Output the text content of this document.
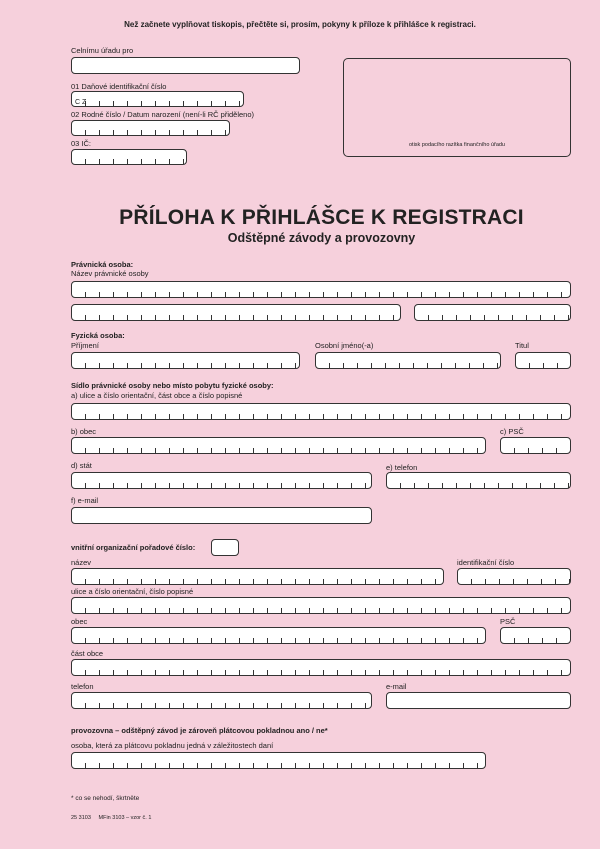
Než začnete vyplňovat tiskopis, přečtěte si, prosím, pokyny k příloze k přihlášce k registraci.
Celnímu úřadu pro
01 Daňové identifikační číslo
C Z
02 Rodné číslo / Datum narození (není-li RČ přiděleno)
03 IČ:	otisk podacího razítka finančního úřadu
PŘÍLOHA K PŘIHLÁŠCE K REGISTRACI
Odštěpné závody a provozovny
Právnická osoba:
Název právnické osoby
Fyzická osoba:
Příjmení	Osobní jméno(-a)	Titul
Sídlo právnické osoby nebo místo pobytu fyzické osoby:
a) ulice a číslo orientační, část obce a číslo popisné
b) obec	c) PSČ
d) stát	e) telefon
f) e-mail
vnitřní organizační pořadové číslo:
název	identifikační číslo
ulice a číslo orientační, číslo popisné
obec	PSČ
část obce
telefon	e-mail
provozovna – odštěpný závod je zároveň plátcovou pokladnou ano / ne*
osoba, která za plátcovu pokladnu jedná v záležitostech daní
* co se nehodí, škrtněte
25 3103     MFin 3103 – vzor č. 1
